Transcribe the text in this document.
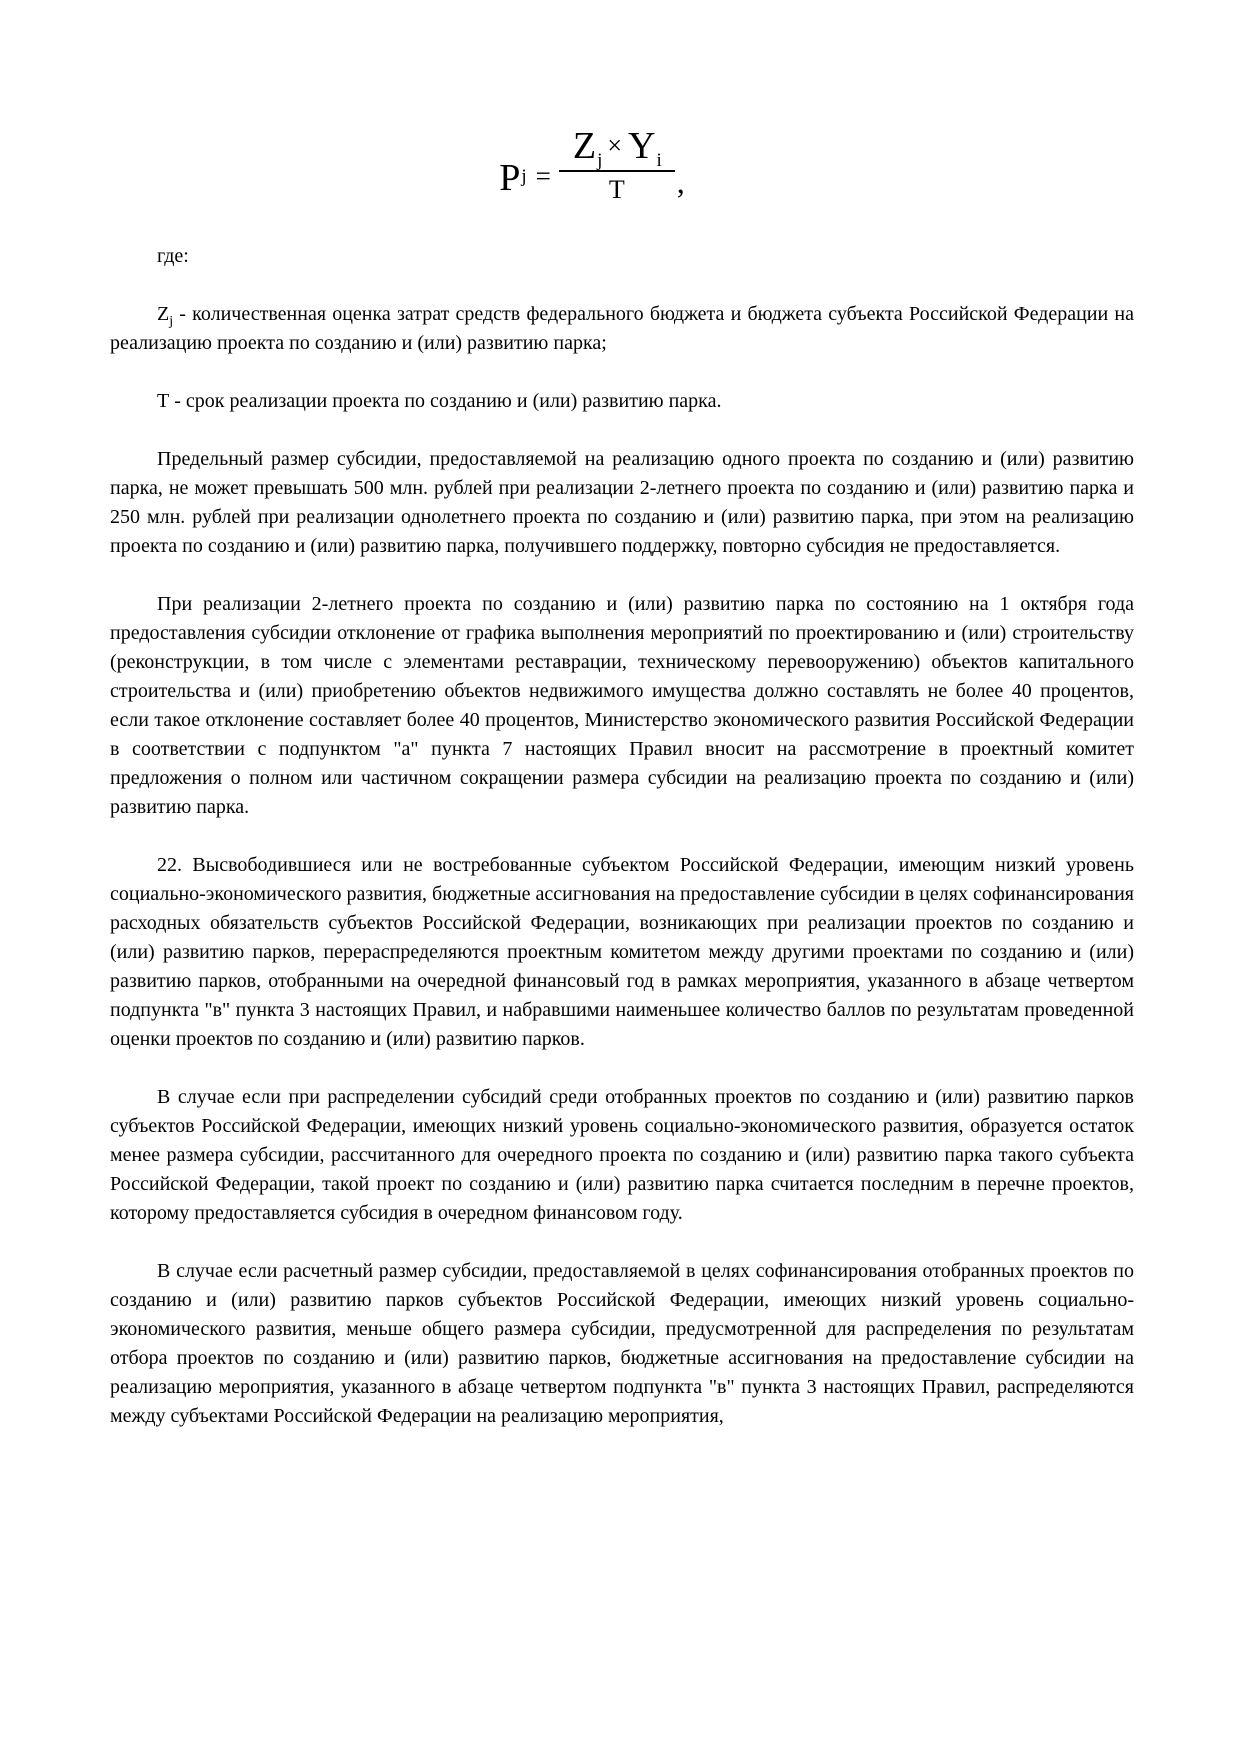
P $j = \frac{Z_j\times Y_i}{T}$ ,

где:

$Z_j$ - количественная оценка затрат средств федерального бюджета и бюджета субъекта Российской Федерации на реализацию проекта по созданию и (или) развитию парка;

Т - срок реализации проекта по созданию и (или) развитию парка.

Предельный размер субсидии, предоставляемой на реализацию одного проекта по созданию и (или) развитию парка, не может превышать 500 млн. рублей при реализации 2-летнего проекта по созданию и (или) развитию парка и 250 млн. рублей при реализации однолетнего проекта по созданию и (или) развитию парка, при этом на реализацию проекта по созданию и (или) развитию парка, получившего поддержку, повторно субсидия не предоставляется.

При реализации 2-летнего проекта по созданию и (или) развитию парка по состоянию на 1 октября года предоставления субсидии отклонение от графика выполнения мероприятий по проектированию и (или) строительству (реконструкции, в том числе с элементами реставрации, техническому перевооружению) объектов капитального строительства и (или) приобретению объектов недвижимого имущества должно составлять не более 40 процентов, если такое отклонение составляет более 40 процентов, Министерство экономического развития Российской Федерации в соответствии с подпунктом "а" пункта 7 настоящих Правил вносит на рассмотрение в проектный комитет предложения о полном или частичном сокращении размера субсидии на реализацию проекта по созданию и (или) развитию парка.

22. Высвободившиеся или не востребованные субъектом Российской Федерации, имеющим низкий уровень социально-экономического развития, бюджетные ассигнования на предоставление субсидии в целях софинансирования расходных обязательств субъектов Российской Федерации, возникающих при реализации проектов по созданию и (или) развитию парков, перераспределяются проектным комитетом между другими проектами по созданию и (или) развитию парков, отобранными на очередной финансовый год в рамках мероприятия, указанного в абзаце четвертом подпункта "в" пункта 3 настоящих Правил, и набравшими наименьшее количество баллов по результатам проведенной оценки проектов по созданию и (или) развитию парков.

В случае если при распределении субсидий среди отобранных проектов по созданию и (или) развитию парков субъектов Российской Федерации, имеющих низкий уровень социально-экономического развития, образуется остаток менее размера субсидии, рассчитанного для очередного проекта по созданию и (или) развитию парка такого субъекта Российской Федерации, такой проект по созданию и (или) развитию парка считается последним в перечне проектов, которому предоставляется субсидия в очередном финансовом году.

В случае если расчетный размер субсидии, предоставляемой в целях софинансирования отобранных проектов по созданию и (или) развитию парков субъектов Российской Федерации, имеющих низкий уровень социально-экономического развития, меньше общего размера субсидии, предусмотренной для распределения по результатам отбора проектов по созданию и (или) развитию парков, бюджетные ассигнования на предоставление субсидии на реализацию мероприятия, указанного в абзаце четвертом подпункта "в" пункта 3 настоящих Правил, распределяются между субъектами Российской Федерации на реализацию мероприятия,
